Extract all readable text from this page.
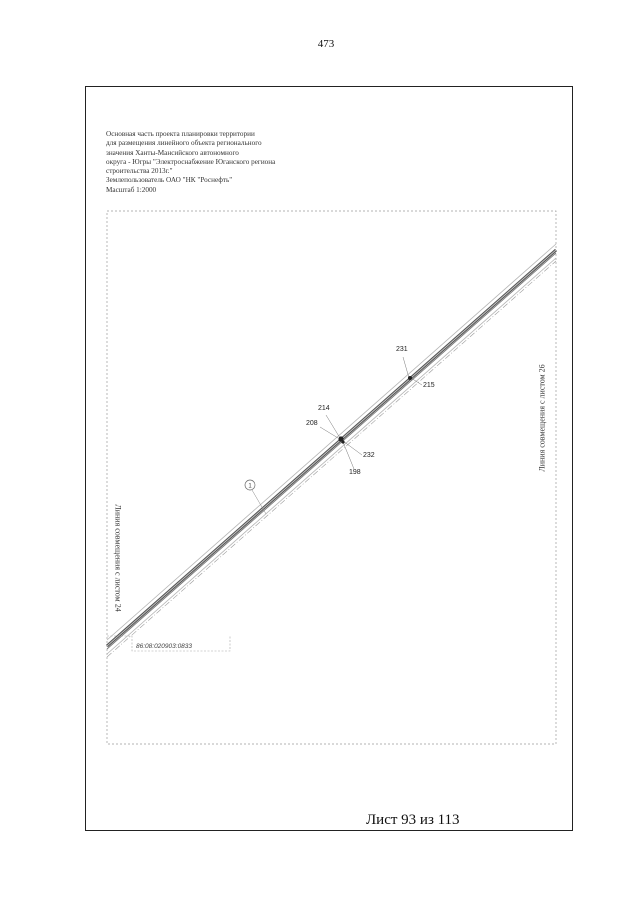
473
Основная часть проекта планировки территории
для размещения линейного объекта регионального
значения Ханты-Мансийского автономного
округа - Югры "Электроснабжение Юганского региона
строительства 2013г."
Землепользователь ОАО "НК "Роснефть"
Масштаб 1:2000
1
231
215
214
208
232
198
86:08:020903:0833
Линия совмещения с листом 24
Линия совмещения с листом 26
Лист 93 из 113
